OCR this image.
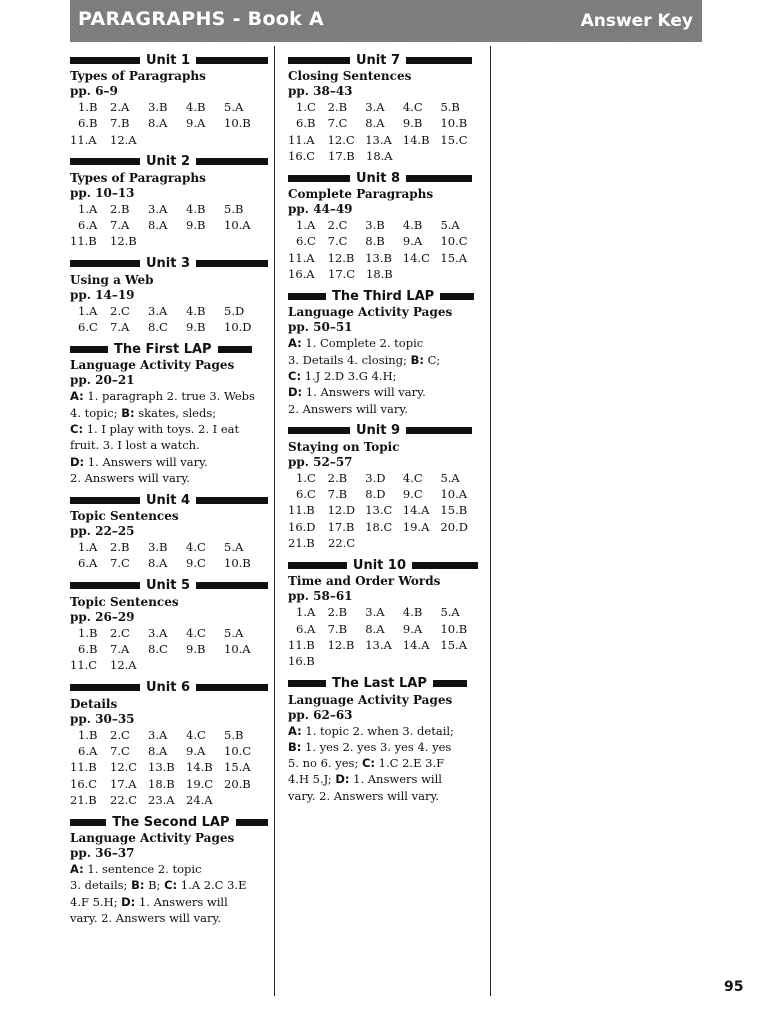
PARAGRAPHS - Book A	Answer Key
Unit 1
Types of Paragraphs
pp. 6–9
1.B	2.A	3.B	4.B	5.A
6.B	7.B	8.A	9.A	10.B
11.A	12.A
Unit 2
Types of Paragraphs
pp. 10–13
1.A	2.B	3.A	4.B	5.B
6.A	7.A	8.A	9.B	10.A
11.B	12.B
Unit 3
Using a Web
pp. 14–19
1.A	2.C	3.A	4.B	5.D
6.C	7.A	8.C	9.B	10.D
The First LAP
Language Activity Pages
pp. 20–21
A: 1. paragraph 2. true 3. Webs
4. topic; B: skates, sleds;
C: 1. I play with toys. 2. I eat
fruit. 3. I lost a watch.
D: 1. Answers will vary.
2. Answers will vary.
Unit 4
Topic Sentences
pp. 22–25
1.A	2.B	3.B	4.C	5.A
6.A	7.C	8.A	9.C	10.B
Unit 5
Topic Sentences
pp. 26–29
1.B	2.C	3.A	4.C	5.A
6.B	7.A	8.C	9.B	10.A
11.C	12.A
Unit 6
Details
pp. 30–35
1.B	2.C	3.A	4.C	5.B
6.A	7.C	8.A	9.A	10.C
11.B	12.C 13.B 14.B 15.A
16.C	17.A 18.B 19.C 20.B
21.B	22.C 23.A 24.A
The Second LAP
Language Activity Pages
pp. 36–37
A: 1. sentence 2. topic
3. details; B: B; C: 1.A 2.C 3.E
4.F 5.H; D: 1. Answers will
vary. 2. Answers will vary.
Unit 7
Closing Sentences
pp. 38–43
1.C	2.B	3.A	4.C	5.B
6.B	7.C	8.A	9.B	10.B
11.A	12.C 13.A 14.B 15.C
16.C	17.B 18.A
Unit 8
Complete Paragraphs
pp. 44–49
1.A	2.C	3.B	4.B	5.A
6.C	7.C	8.B	9.A	10.C
11.A	12.B 13.B 14.C 15.A
16.A	17.C 18.B
The Third LAP
Language Activity Pages
pp. 50–51
A: 1. Complete 2. topic
3. Details 4. closing; B: C;
C: 1.J 2.D 3.G 4.H;
D: 1. Answers will vary.
2. Answers will vary.
Unit 9
Staying on Topic
pp. 52–57
1.C	2.B	3.D	4.C	5.A
6.C	7.B	8.D	9.C	10.A
11.B	12.D 13.C 14.A 15.B
16.D	17.B 18.C 19.A 20.D
21.B	22.C
Unit 10
Time and Order Words
pp. 58–61
1.A	2.B	3.A	4.B	5.A
6.A	7.B	8.A	9.A	10.B
11.B	12.B 13.A 14.A 15.A
16.B
The Last LAP
Language Activity Pages
pp. 62–63
A: 1. topic 2. when 3. detail;
B: 1. yes 2. yes 3. yes 4. yes
5. no 6. yes; C: 1.C 2.E 3.F
4.H 5.J; D: 1. Answers will
vary. 2. Answers will vary.
95
